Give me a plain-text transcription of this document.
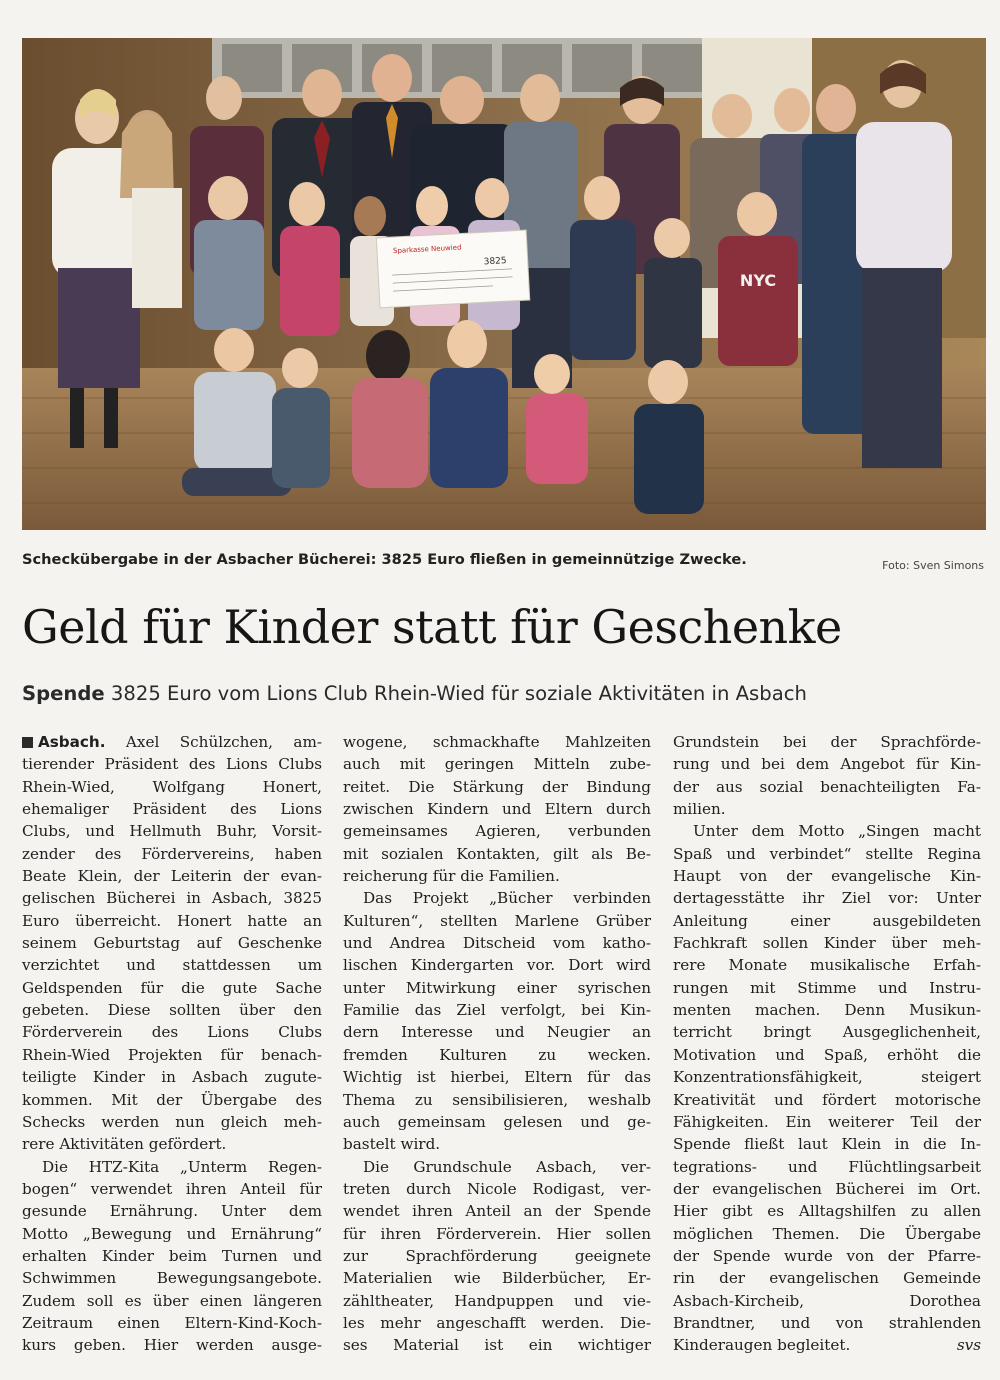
NYC
Sparkasse Neuwied
3825
Scheckübergabe in der Asbacher Bücherei: 3825 Euro fließen in gemeinnützige Zwecke.	Foto: Sven Simons
Geld für Kinder statt für Geschenke
Spende 3825 Euro vom Lions Club Rhein-Wied für soziale Aktivitäten in Asbach
Asbach. Axel Schülzchen, am-
tierender Präsident des Lions Clubs
Rhein-Wied, Wolfgang Honert,
ehemaliger Präsident des Lions
Clubs, und Hellmuth Buhr, Vorsit-
zender des Fördervereins, haben
Beate Klein, der Leiterin der evan-
gelischen Bücherei in Asbach, 3825
Euro überreicht. Honert hatte an
seinem Geburtstag auf Geschenke
verzichtet und stattdessen um
Geldspenden für die gute Sache
gebeten. Diese sollten über den
Förderverein des Lions Clubs
Rhein-Wied Projekten für benach-
teiligte Kinder in Asbach zugute-
kommen. Mit der Übergabe des
Schecks werden nun gleich meh-
rere Aktivitäten gefördert.
Die HTZ-Kita „Unterm Regen-
bogen“ verwendet ihren Anteil für
gesunde Ernährung. Unter dem
Motto „Bewegung und Ernährung“
erhalten Kinder beim Turnen und
Schwimmen Bewegungsangebote.
Zudem soll es über einen längeren
Zeitraum einen Eltern-Kind-Koch-
kurs geben. Hier werden ausge-
wogene, schmackhafte Mahlzeiten
auch mit geringen Mitteln zube-
reitet. Die Stärkung der Bindung
zwischen Kindern und Eltern durch
gemeinsames Agieren, verbunden
mit sozialen Kontakten, gilt als Be-
reicherung für die Familien.
Das Projekt „Bücher verbinden
Kulturen“, stellten Marlene Grüber
und Andrea Ditscheid vom katho-
lischen Kindergarten vor. Dort wird
unter Mitwirkung einer syrischen
Familie das Ziel verfolgt, bei Kin-
dern Interesse und Neugier an
fremden Kulturen zu wecken.
Wichtig ist hierbei, Eltern für das
Thema zu sensibilisieren, weshalb
auch gemeinsam gelesen und ge-
bastelt wird.
Die Grundschule Asbach, ver-
treten durch Nicole Rodigast, ver-
wendet ihren Anteil an der Spende
für ihren Förderverein. Hier sollen
zur Sprachförderung geeignete
Materialien wie Bilderbücher, Er-
zähltheater, Handpuppen und vie-
les mehr angeschafft werden. Die-
ses Material ist ein wichtiger
Grundstein bei der Sprachförde-
rung und bei dem Angebot für Kin-
der aus sozial benachteiligten Fa-
milien.
Unter dem Motto „Singen macht
Spaß und verbindet“ stellte Regina
Haupt von der evangelische Kin-
dertagesstätte ihr Ziel vor: Unter
Anleitung einer ausgebildeten
Fachkraft sollen Kinder über meh-
rere Monate musikalische Erfah-
rungen mit Stimme und Instru-
menten machen. Denn Musikun-
terricht bringt Ausgeglichenheit,
Motivation und Spaß, erhöht die
Konzentrationsfähigkeit, steigert
Kreativität und fördert motorische
Fähigkeiten. Ein weiterer Teil der
Spende fließt laut Klein in die In-
tegrations- und Flüchtlingsarbeit
der evangelischen Bücherei im Ort.
Hier gibt es Alltagshilfen zu allen
möglichen Themen. Die Übergabe
der Spende wurde von der Pfarre-
rin der evangelischen Gemeinde
Asbach-Kircheib, Dorothea
Brandtner, und von strahlenden
Kinderaugen begleitet.	svs
